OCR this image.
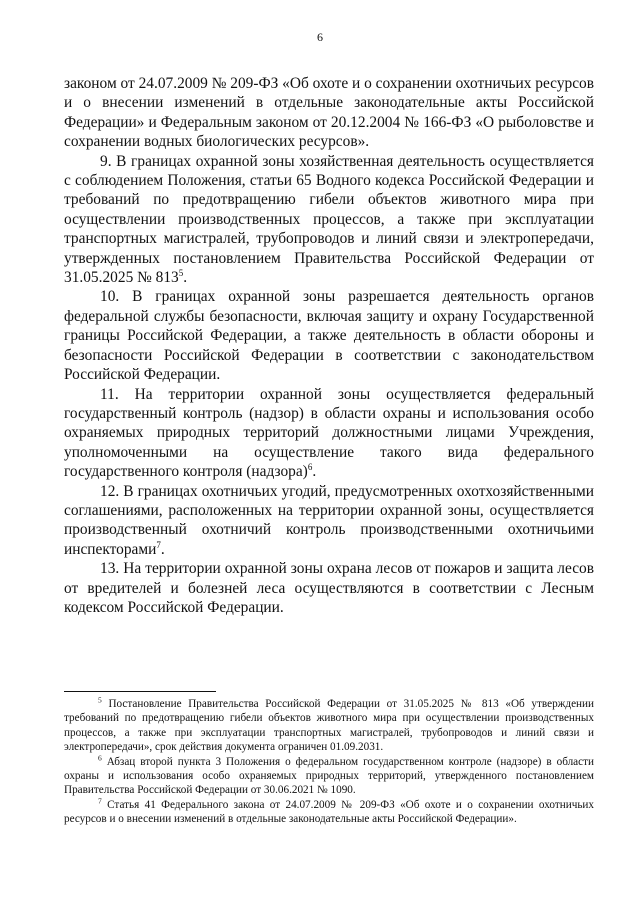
6

законом от 24.07.2009 № 209-ФЗ «Об охоте и о сохранении охотничьих ресурсов и о внесении изменений в отдельные законодательные акты Российской Федерации» и Федеральным законом от 20.12.2004 № 166-ФЗ «О рыболовстве и сохранении водных биологических ресурсов».

9. В границах охранной зоны хозяйственная деятельность осуществляется с соблюдением Положения, статьи 65 Водного кодекса Российской Федерации и требований по предотвращению гибели объектов животного мира при осуществлении производственных процессов, а также при эксплуатации транспортных магистралей, трубопроводов и линий связи и электропередачи, утвержденных постановлением Правительства Российской Федерации от 31.05.2025 № $813^5$.

10. В границах охранной зоны разрешается деятельность органов федеральной службы безопасности, включая защиту и охрану Государственной границы Российской Федерации, а также деятельность в области обороны и безопасности Российской Федерации в соответствии с законодательством Российской Федерации.

11. На территории охранной зоны осуществляется федеральный государственный контроль (надзор) в области охраны и использования особо охраняемых природных территорий должностными лицами Учреждения, уполномоченными на осуществление такого вида федерального государственного контроля (надзора)$^6$.

12. В границах охотничьих угодий, предусмотренных охотхозяйственными соглашениями, расположенных на территории охранной зоны, осуществляется производственный охотничий контроль производственными охотничьими инспекторами$^7$.

13. На территории охранной зоны охрана лесов от пожаров и защита лесов от вредителей и болезней леса осуществляются в соответствии с Лесным кодексом Российской Федерации.

$^5$ Постановление Правительства Российской Федерации от 31.05.2025 № 813 «Об утверждении требований по предотвращению гибели объектов животного мира при осуществлении производственных процессов, а также при эксплуатации транспортных магистралей, трубопроводов и линий связи и электропередачи», срок действия документа ограничен 01.09.2031.

$^6$ Абзац второй пункта 3 Положения о федеральном государственном контроле (надзоре) в области охраны и использования особо охраняемых природных территорий, утвержденного постановлением Правительства Российской Федерации от 30.06.2021 № 1090.

$^7$ Статья 41 Федерального закона от 24.07.2009 № 209-ФЗ «Об охоте и о сохранении охотничьих ресурсов и о внесении изменений в отдельные законодательные акты Российской Федерации».
